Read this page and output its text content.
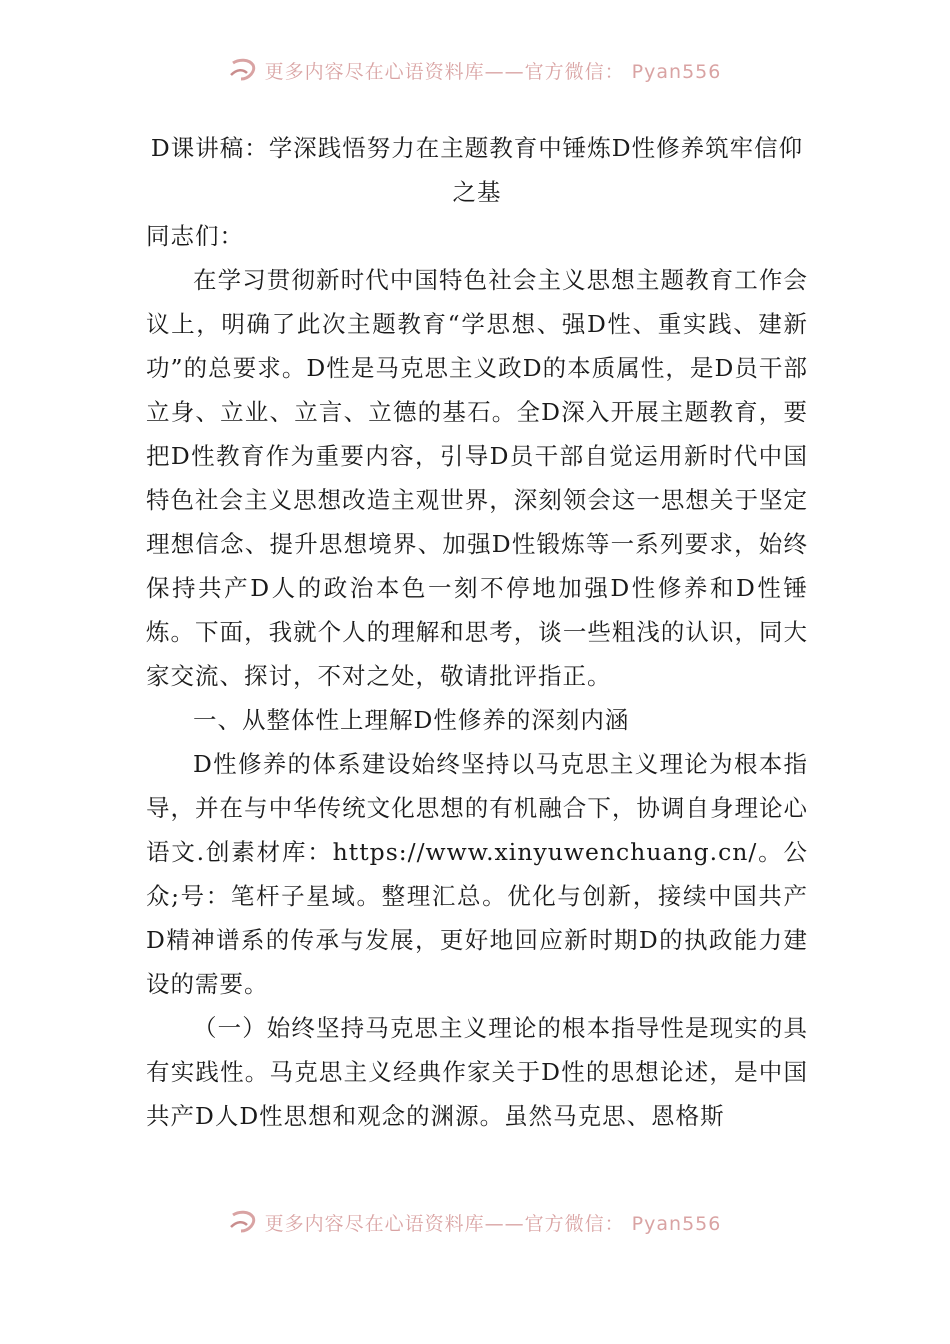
更多内容尽在心语资料库——官方微信： Pyan556
D课讲稿：学深践悟努力在主题教育中锤炼D性修养筑牢信仰之基

同志们：

在学习贯彻新时代中国特色社会主义思想主题教育工作会议上，明确了此次主题教育“学思想、强D性、重实践、建新功”的总要求。D性是马克思主义政D的本质属性，是D员干部立身、立业、立言、立德的基石。全D深入开展主题教育，要把D性教育作为重要内容，引导D员干部自觉运用新时代中国特色社会主义思想改造主观世界，深刻领会这一思想关于坚定理想信念、提升思想境界、加强D性锻炼等一系列要求，始终保持共产D人的政治本色一刻不停地加强D性修养和D性锤炼。下面，我就个人的理解和思考，谈一些粗浅的认识，同大家交流、探讨，不对之处，敬请批评指正。

一、从整体性上理解D性修养的深刻内涵

D性修养的体系建设始终坚持以马克思主义理论为根本指导，并在与中华传统文化思想的有机融合下，协调自身理论心语文.创素材库：https://www.xinyuwenchuang.cn/。公众;号：笔杆子星域。整理汇总。优化与创新，接续中国共产D精神谱系的传承与发展，更好地回应新时期D的执政能力建设的需要。

（一）始终坚持马克思主义理论的根本指导性是现实的具有实践性。马克思主义经典作家关于D性的思想论述，是中国共产D人D性思想和观念的渊源。虽然马克思、恩格斯

更多内容尽在心语资料库——官方微信： Pyan556
